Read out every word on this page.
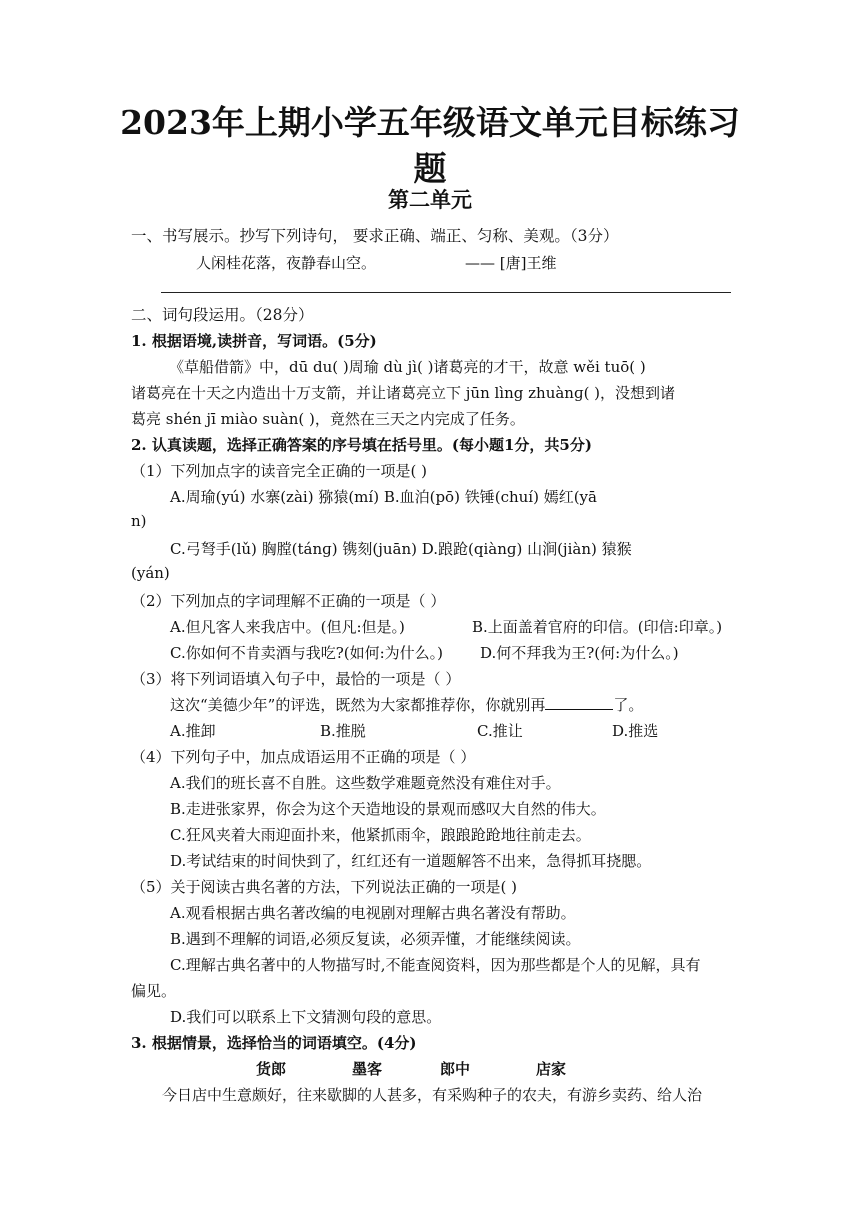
2023年上期小学五年级语文单元目标练习题
第二单元
一、书写展示。抄写下列诗句， 要求正确、端正、匀称、美观。（3分）
人闲桂花落，夜静春山空。	—— [唐]王维
二、词句段运用。（28分）
1. 根据语境,读拼音，写词语。(5分)
《草船借箭》中，dū du( )周瑜 dù jì( )诸葛亮的才干，故意 wěi tuō( )
诸葛亮在十天之内造出十万支箭，并让诸葛亮立下 jūn lìng zhuànɡ( )，没想到诸
葛亮 shén jī miào suàn( )，竟然在三天之内完成了任务。
2. 认真读题，选择正确答案的序号填在括号里。(每小题1分，共5分)
（1）下列加点字的读音完全正确的一项是( )
A.周瑜(yú) 水寨(zài) 猕猿(mí) B.血泊(pō) 铁锤(chuí) 嫣红(yā
n)
C.弓弩手(lǔ) 胸膛(tánɡ) 镌刻(juān) D.踉跄(qiànɡ) 山涧(jiàn) 猿猴
(yán)
（2）下列加点的字词理解不正确的一项是（ ）
A.但凡客人来我店中。(但凡:但是。)	B.上面盖着官府的印信。(印信:印章。)
C.你如何不肯卖酒与我吃?(如何:为什么。) D.何不拜我为王?(何:为什么。)
（3）将下列词语填入句子中，最恰的一项是（ ）
这次“美德少年”的评选，既然为大家都推荐你，你就别再	了。
A.推卸	B.推脱	C.推让	D.推选
（4）下列句子中，加点成语运用不正确的项是（ ）
A.我们的班长喜不自胜。这些数学难题竟然没有难住对手。
B.走进张家界，你会为这个天造地设的景观而感叹大自然的伟大。
C.狂风夹着大雨迎面扑来，他紧抓雨伞，踉踉跄跄地往前走去。
D.考试结束的时间快到了，红红还有一道题解答不出来，急得抓耳挠腮。
（5）关于阅读古典名著的方法，下列说法正确的一项是( )
A.观看根据古典名著改编的电视剧对理解古典名著没有帮助。
B.遇到不理解的词语,必须反复读，必须弄懂，才能继续阅读。
C.理解古典名著中的人物描写时,不能查阅资料，因为那些都是个人的见解，具有
偏见。
D.我们可以联系上下文猜测句段的意思。
3. 根据情景，选择恰当的词语填空。(4分)
货郎	墨客	郎中	店家
今日店中生意颇好，往来歇脚的人甚多，有采购种子的农夫，有游乡卖药、给人治
